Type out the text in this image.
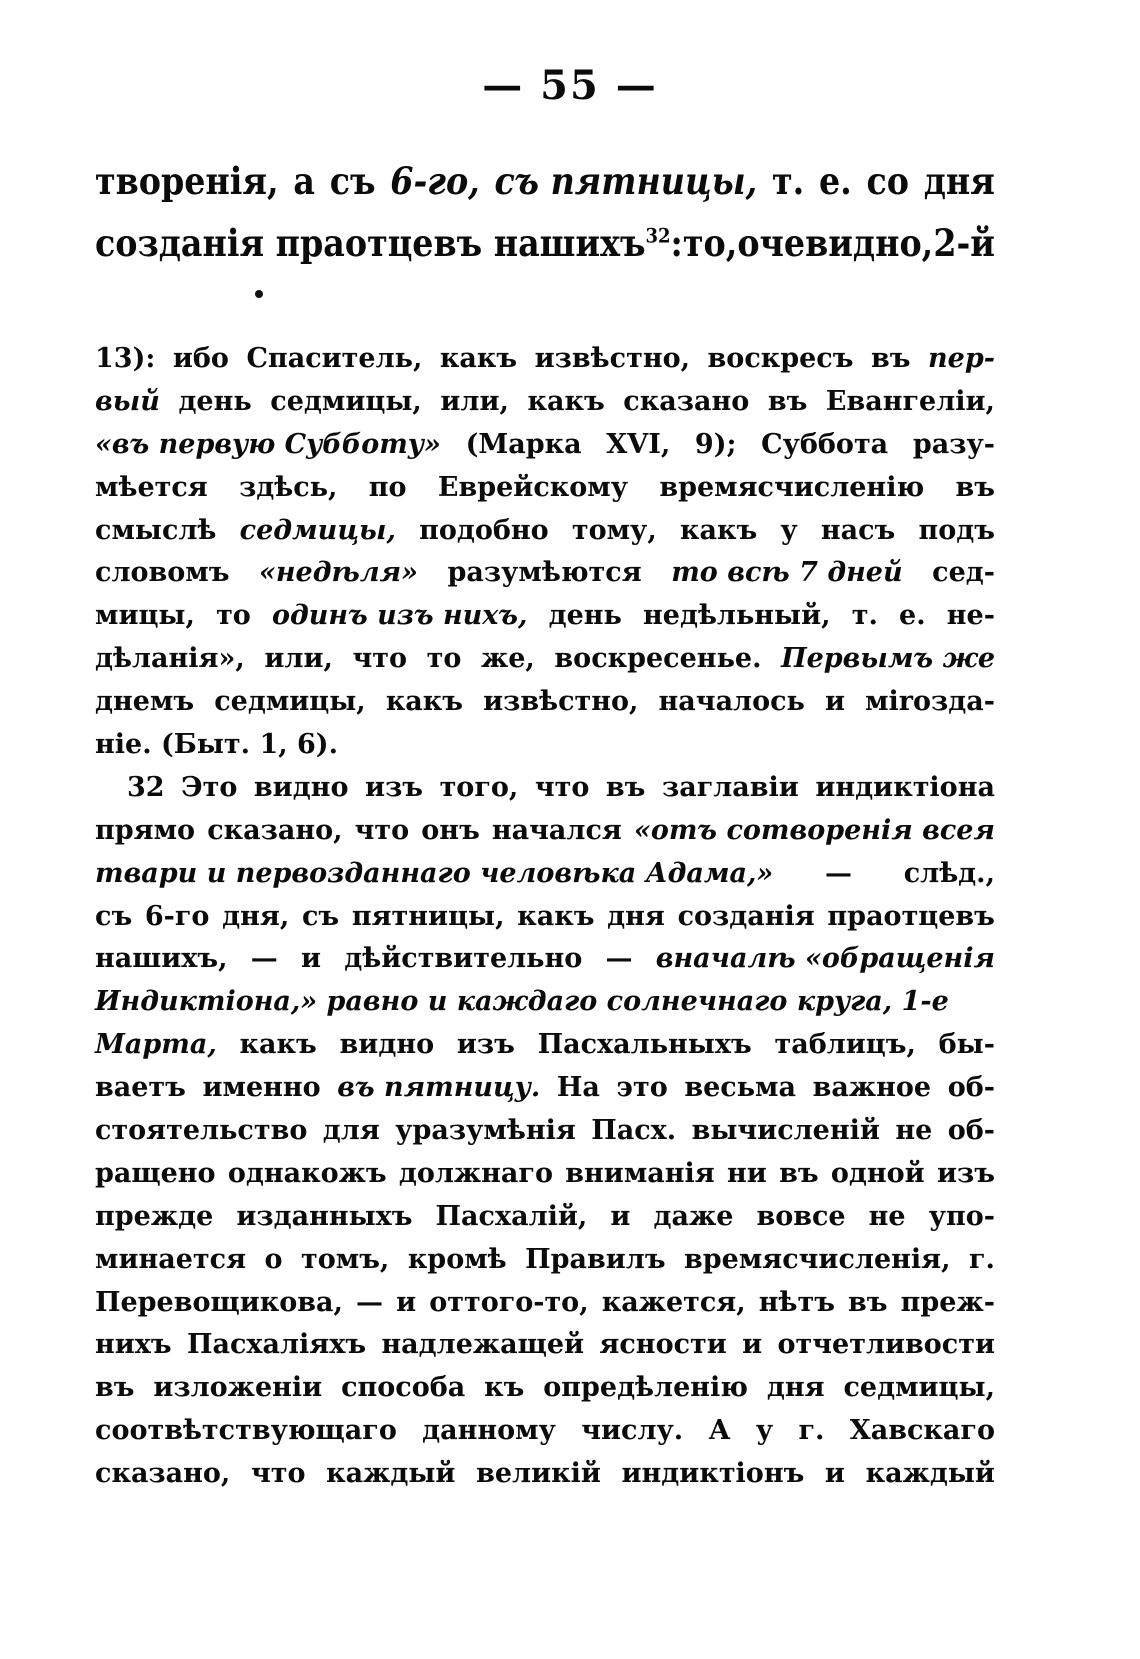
— 55 —
творенія, а съ 6-го, съ пятницы, т. е. со дня
созданія праотцевъ нашихъ$^{32}$: то, очевидно, 2-й
13): ибо Спаситель, какъ извѣстно, воскресъ въ пер-
вый день седмицы, или, какъ сказано въ Евангеліи,
«въ первую Субботу» (Марка XVI, 9); Суббота разу-
мѣется здѣсь, по Еврейскому времясчисленію въ
смыслѣ седмицы, подобно тому, какъ у насъ подъ
словомъ «недѣля» разумѣются то всѣ 7 дней сед-
мицы, то одинъ изъ нихъ, день недѣльный, т. е. не-
дѣланія», или, что то же, воскресенье. Первымъ же
днемъ седмицы, какъ извѣстно, началось и міrозда-
ніе. (Быт. 1, 6).
32 Это видно изъ того, что въ заглавіи индиктіона
прямо сказано, что онъ начался «отъ сотворенія всея
твари и первозданнаго человѣка Адама,» — слѣд.,
съ 6-го дня, съ пятницы, какъ дня созданія праотцевъ
нашихъ, — и дѣйствительно — вначалѣ «обращенія
Индиктіона,» равно и каждаго солнечнаго круга, 1-е
Марта, какъ видно изъ Пасхальныхъ таблицъ, бы-
ваетъ именно въ пятницу. На это весьма важное об-
стоятельство для уразумѣнія Пасх. вычисленій не об-
ращено однакожъ должнаго вниманія ни въ одной изъ
прежде изданныхъ Пасхалій, и даже вовсе не упо-
минается о томъ, кромѣ Правилъ времясчисленія, г.
Перевощикова, — и оттого-то, кажется, нѣтъ въ преж-
нихъ Пасхаліяхъ надлежащей ясности и отчетливости
въ изложеніи способа къ опредѣленію дня седмицы,
соотвѣтствующаго данному числу. А у г. Хавскаго
сказано, что каждый великій индиктіонъ и каждый
